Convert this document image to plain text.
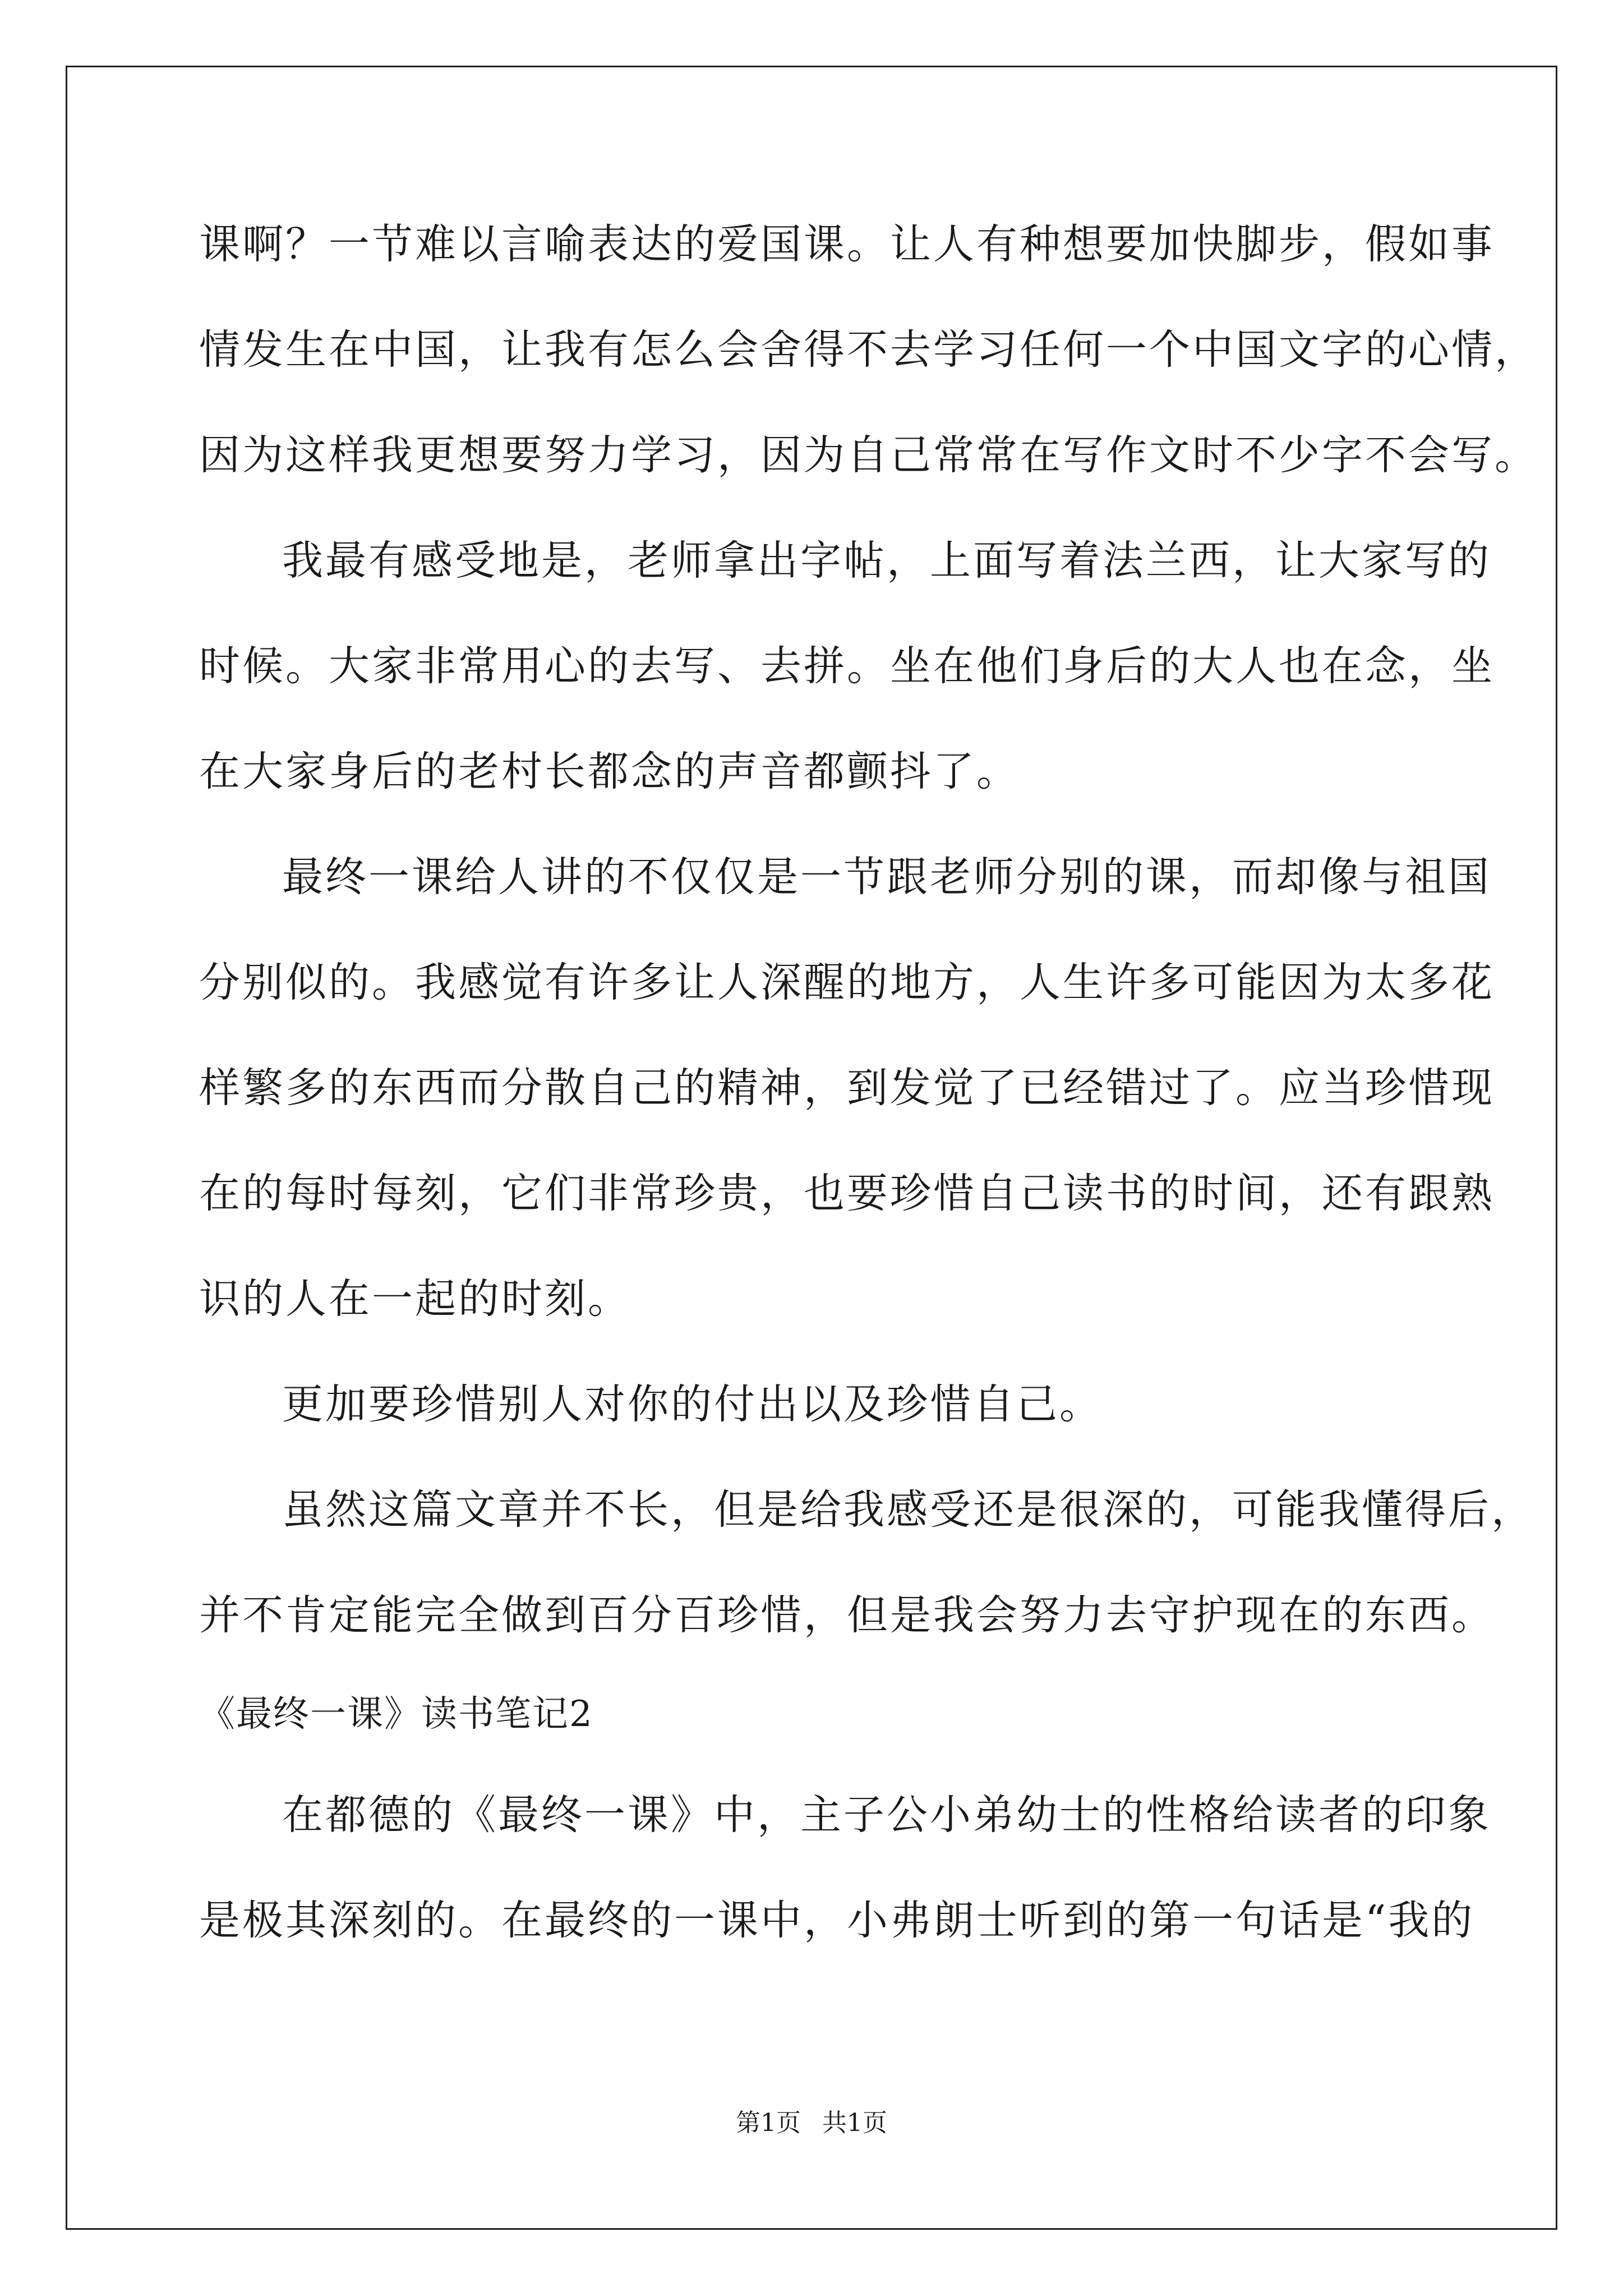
课啊？一节难以言喻表达的爱国课。让人有种想要加快脚步，假如事
情发生在中国，让我有怎么会舍得不去学习任何一个中国文字的心情，
因为这样我更想要努力学习，因为自己常常在写作文时不少字不会写。
我最有感受地是，老师拿出字帖，上面写着法兰西，让大家写的
时候。大家非常用心的去写、去拼。坐在他们身后的大人也在念，坐
在大家身后的老村长都念的声音都颤抖了。
最终一课给人讲的不仅仅是一节跟老师分别的课，而却像与祖国
分别似的。我感觉有许多让人深醒的地方，人生许多可能因为太多花
样繁多的东西而分散自己的精神，到发觉了已经错过了。应当珍惜现
在的每时每刻，它们非常珍贵，也要珍惜自己读书的时间，还有跟熟
识的人在一起的时刻。
更加要珍惜别人对你的付出以及珍惜自己。
虽然这篇文章并不长，但是给我感受还是很深的，可能我懂得后，
并不肯定能完全做到百分百珍惜，但是我会努力去守护现在的东西。
《最终一课》读书笔记2
在都德的《最终一课》中，主子公小弟幼士的性格给读者的印象
是极其深刻的。在最终的一课中，小弗朗士听到的第一句话是“我的
第1页 共1页
